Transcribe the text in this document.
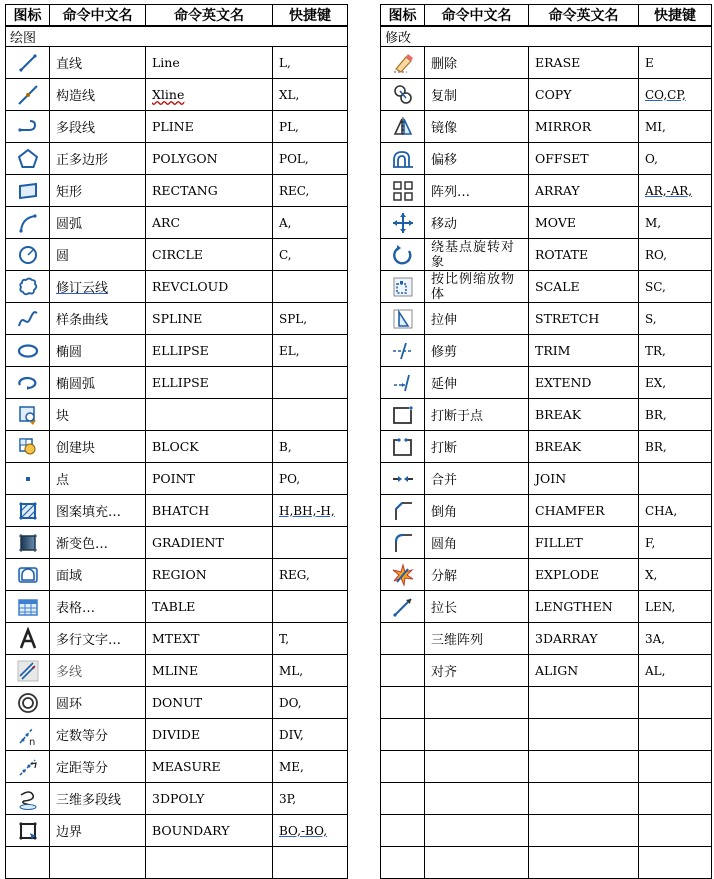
图标	命令中文名	命令英文名	快捷键
绘图			
	直线	Line	L,
	构造线	Xline	XL,
	多段线	PLINE	PL,
	正多边形	POLYGON	POL,
	矩形	RECTANG	REC,
	圆弧	ARC	A,
	圆	CIRCLE	C,
	修订云线	REVCLOUD	
	样条曲线	SPLINE	SPL,
	椭圆	ELLIPSE	EL,
	椭圆弧	ELLIPSE	
	块		
	创建块	BLOCK	B,
	点	POINT	PO,
	图案填充…	BHATCH	H,BH,-H,
	渐变色…	GRADIENT	
	面域	REGION	REG,
	表格…	TABLE	
	多行文字…	MTEXT	T,
	多线	MLINE	ML,
	圆环	DONUT	DO,

n	定数等分	DIVIDE	DIV,
	定距等分	MEASURE	ME,
	三维多段线	3DPOLY	3P,
	边界	BOUNDARY	BO,-BO,

图标	命令中文名	命令英文名	快捷键
修改			
	删除	ERASE	E
	复制	COPY	CO,CP,
	镜像	MIRROR	MI,
	偏移	OFFSET	O,
	阵列…	ARRAY	AR,-AR,
	移动	MOVE	M,
	绕基点旋转对象	ROTATE	RO,
	按比例缩放物体	SCALE	SC,
	拉伸	STRETCH	S,
	修剪	TRIM	TR,
	延伸	EXTEND	EX,
	打断于点	BREAK	BR,
	打断	BREAK	BR,
	合并	JOIN	
	倒角	CHAMFER	CHA,
	圆角	FILLET	F,
	分解	EXPLODE	X,
	拉长	LENGTHEN	LEN,
	三维阵列	3DARRAY	3A,
	对齐	ALIGN	AL,
